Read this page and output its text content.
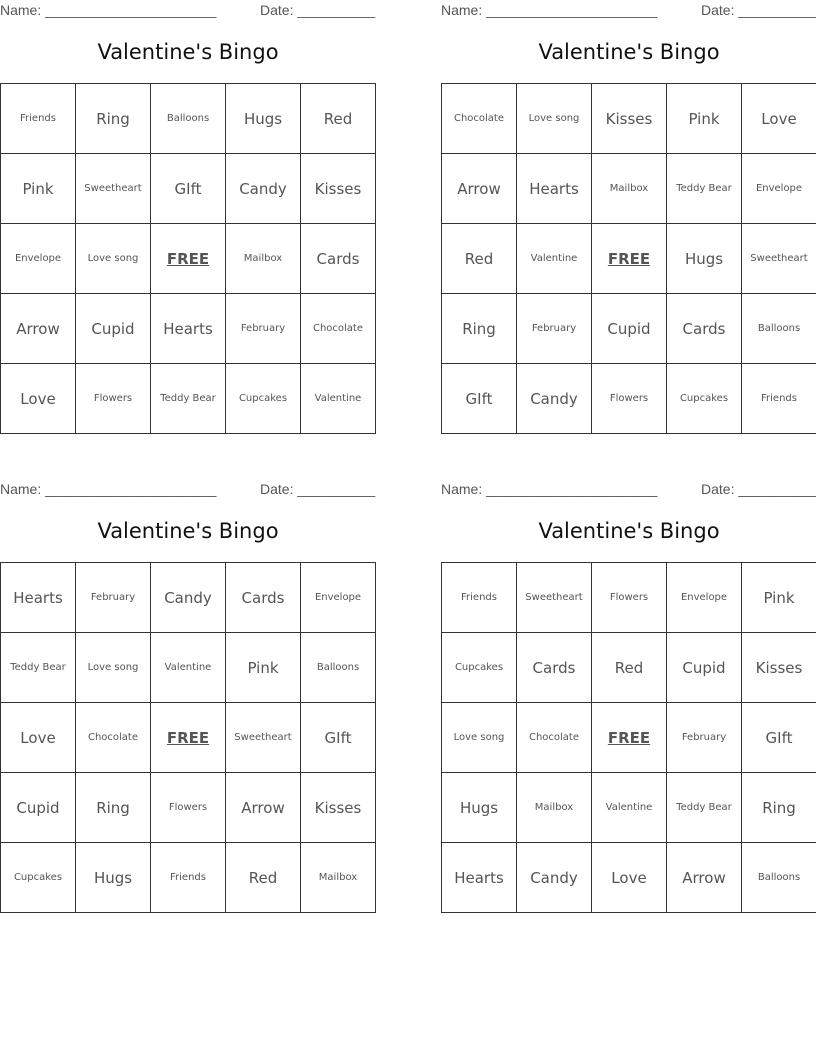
Name: ______________________	Date: __________
Valentine's Bingo
Friends	Ring	Balloons	Hugs	Red
Pink	Sweetheart	GIft	Candy	Kisses
Envelope	Love song	FREE	Mailbox	Cards
Arrow	Cupid	Hearts	February	Chocolate
Love	Flowers	Teddy Bear	Cupcakes	Valentine
Name: ______________________	Date: __________
Valentine's Bingo
Chocolate	Love song	Kisses	Pink	Love
Arrow	Hearts	Mailbox	Teddy Bear	Envelope
Red	Valentine	FREE	Hugs	Sweetheart
Ring	February	Cupid	Cards	Balloons
GIft	Candy	Flowers	Cupcakes	Friends
Name: ______________________	Date: __________
Valentine's Bingo
Hearts	February	Candy	Cards	Envelope
Teddy Bear	Love song	Valentine	Pink	Balloons
Love	Chocolate	FREE	Sweetheart	GIft
Cupid	Ring	Flowers	Arrow	Kisses
Cupcakes	Hugs	Friends	Red	Mailbox
Name: ______________________	Date: __________
Valentine's Bingo
Friends	Sweetheart	Flowers	Envelope	Pink
Cupcakes	Cards	Red	Cupid	Kisses
Love song	Chocolate	FREE	February	GIft
Hugs	Mailbox	Valentine	Teddy Bear	Ring
Hearts	Candy	Love	Arrow	Balloons
